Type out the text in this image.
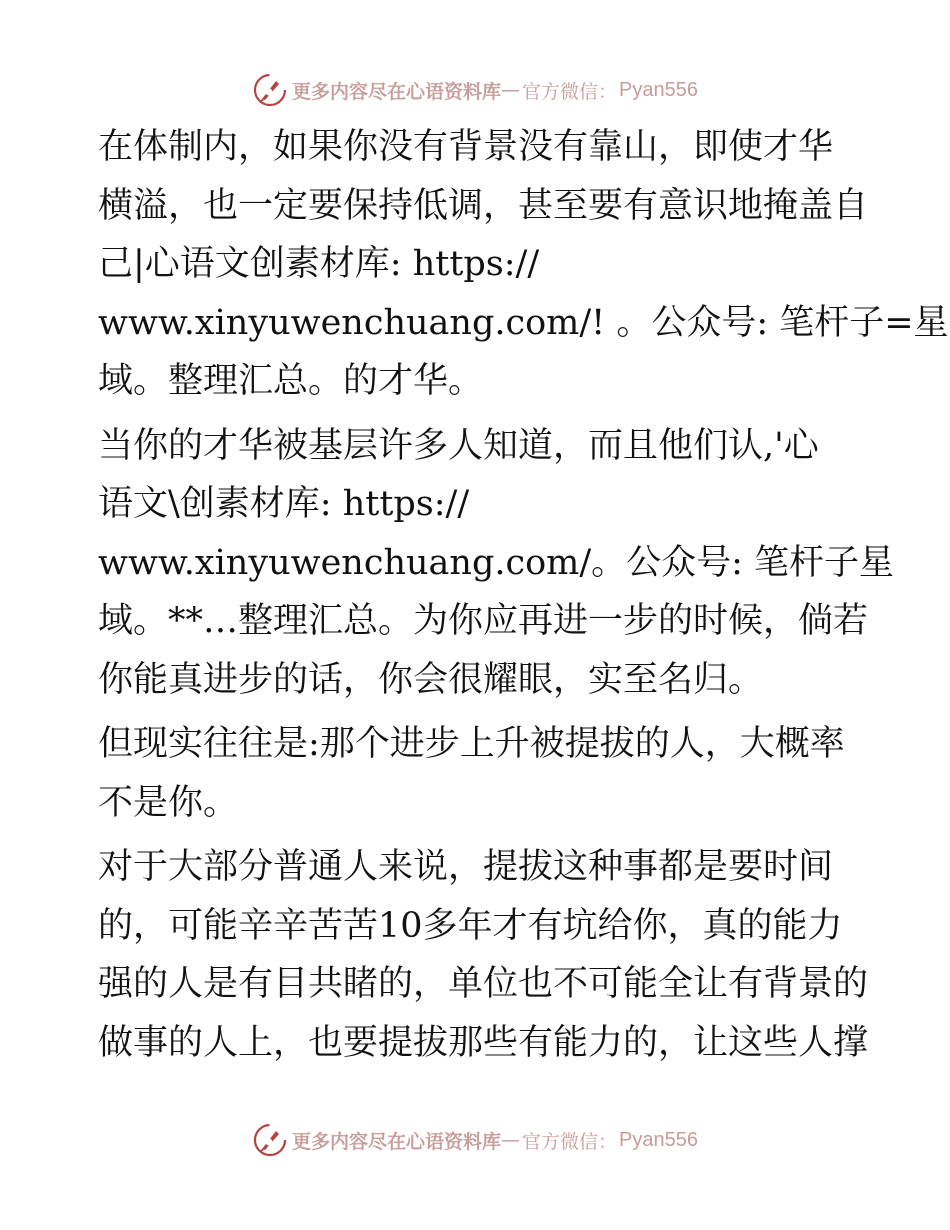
更多内容尽在心语资料库 — 官方微信： Pyan556

在体制内，如果你没有背景没有靠山，即使才华
横溢，也一定要保持低调，甚至要有意识地掩盖自
己|心语文创素材库: https://
www.xinyuwenchuang.com/! 。公众号: 笔杆子=星
域。整理汇总。的才华。

当你的才华被基层许多人知道，而且他们认,'心
语文\创素材库: https://
www.xinyuwenchuang.com/。公众号: 笔杆子星
域。**…整理汇总。为你应再进一步的时候，倘若
你能真进步的话，你会很耀眼，实至名归。

但现实往往是:那个进步上升被提拔的人，大概率
不是你。

对于大部分普通人来说，提拔这种事都是要时间
的，可能辛辛苦苦10多年才有坑给你，真的能力
强的人是有目共睹的，单位也不可能全让有背景的
做事的人上，也要提拔那些有能力的，让这些人撑

更多内容尽在心语资料库 — 官方微信： Pyan556
